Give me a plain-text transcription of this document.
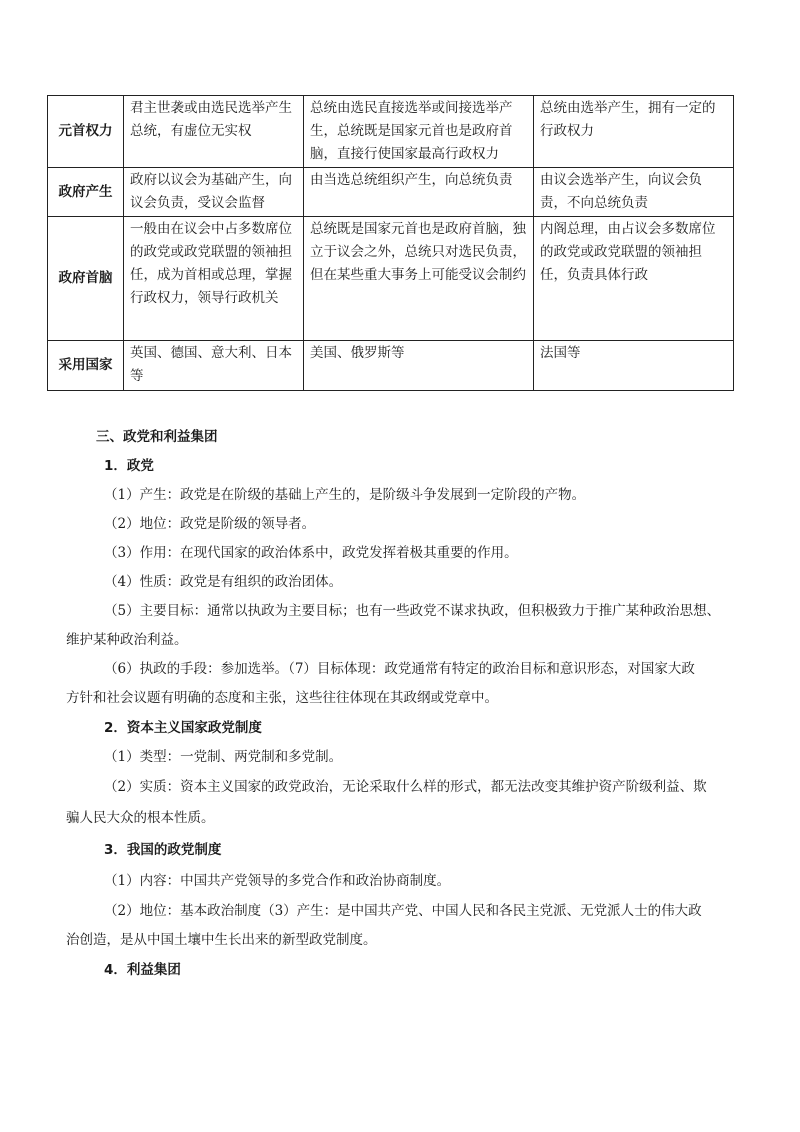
元首权力	君主世袭或由选民选举产生总统，有虚位无实权	总统由选民直接选举或间接选举产生，总统既是国家元首也是政府首脑，直接行使国家最高行政权力	总统由选举产生，拥有一定的行政权力
政府产生	政府以议会为基础产生，向议会负责，受议会监督	由当选总统组织产生，向总统负责	由议会选举产生，向议会负责，不向总统负责
政府首脑	一般由在议会中占多数席位的政党或政党联盟的领袖担任，成为首相或总理，掌握行政权力，领导行政机关	总统既是国家元首也是政府首脑，独立于议会之外，总统只对选民负责，但在某些重大事务上可能受议会制约	内阁总理，由占议会多数席位的政党或政党联盟的领袖担任，负责具体行政
采用国家	英国、德国、意大利、日本等	美国、俄罗斯等	法国等
三、政党和利益集团
1．政党
（1）产生：政党是在阶级的基础上产生的，是阶级斗争发展到一定阶段的产物。
（2）地位：政党是阶级的领导者。
（3）作用：在现代国家的政治体系中，政党发挥着极其重要的作用。
（4）性质：政党是有组织的政治团体。
（5）主要目标：通常以执政为主要目标；也有一些政党不谋求执政，但积极致力于推广某种政治思想、
维护某种政治利益。
（6）执政的手段：参加选举。（7）目标体现：政党通常有特定的政治目标和意识形态，对国家大政
方针和社会议题有明确的态度和主张，这些往往体现在其政纲或党章中。
2．资本主义国家政党制度
（1）类型：一党制、两党制和多党制。
（2）实质：资本主义国家的政党政治，无论采取什么样的形式，都无法改变其维护资产阶级利益、欺
骗人民大众的根本性质。
3．我国的政党制度
（1）内容：中国共产党领导的多党合作和政治协商制度。
（2）地位：基本政治制度（3）产生：是中国共产党、中国人民和各民主党派、无党派人士的伟大政
治创造，是从中国土壤中生长出来的新型政党制度。
4．利益集团
